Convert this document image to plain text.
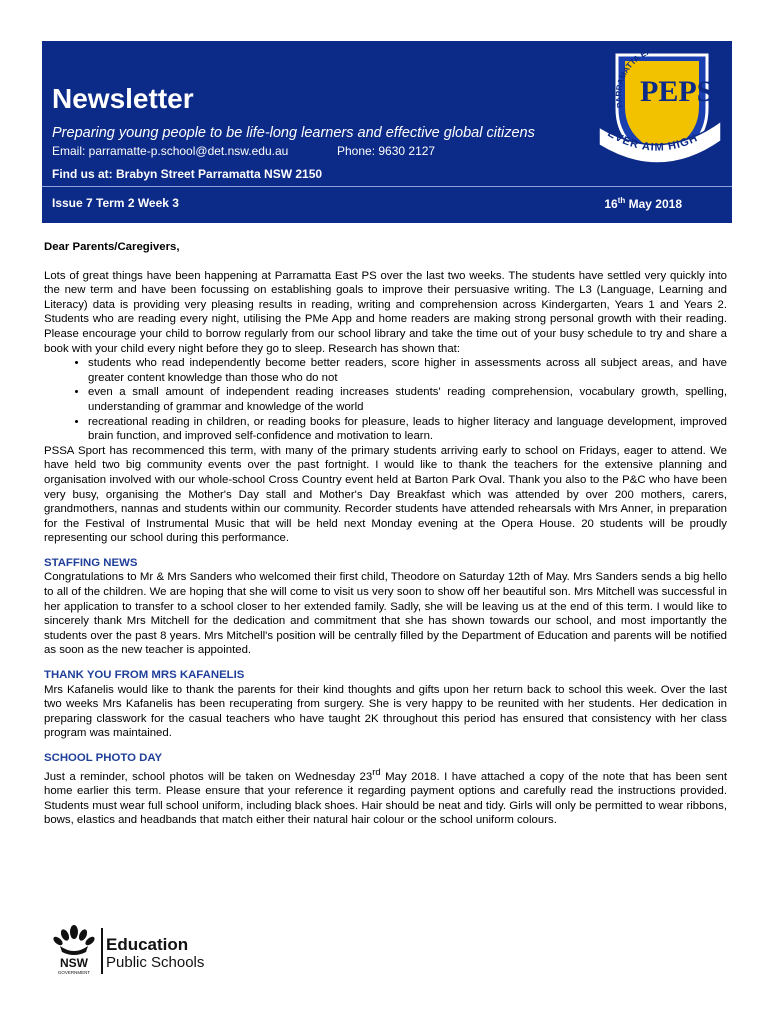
Newsletter
Preparing young people to be life-long learners and effective global citizens
Email: parramatte-p.school@det.nsw.edu.au	Phone: 9630 2127
Find us at: Brabyn Street Parramatta NSW 2150
Issue 7 Term 2 Week 3	16th May 2018
PEPS
PARRAMATTA EAST
EVER AIM HIGH

Dear Parents/Caregivers,

Lots of great things have been happening at Parramatta East PS over the last two weeks. The students have settled very quickly into the new term and have been focussing on establishing goals to improve their persuasive writing. The L3 (Language, Learning and Literacy) data is providing very pleasing results in reading, writing and comprehension across Kindergarten, Years 1 and Years 2. Students who are reading every night, utilising the PMe App and home readers are making strong personal growth with their reading. Please encourage your child to borrow regularly from our school library and take the time out of your busy schedule to try and share a book with your child every night before they go to sleep. Research has shown that:

• students who read independently become better readers, score higher in assessments across all subject areas, and have greater content knowledge than those who do not
• even a small amount of independent reading increases students' reading comprehension, vocabulary growth, spelling, understanding of grammar and knowledge of the world
• recreational reading in children, or reading books for pleasure, leads to higher literacy and language development, improved brain function, and improved self-confidence and motivation to learn.

PSSA Sport has recommenced this term, with many of the primary students arriving early to school on Fridays, eager to attend. We have held two big community events over the past fortnight. I would like to thank the teachers for the extensive planning and organisation involved with our whole-school Cross Country event held at Barton Park Oval. Thank you also to the P&C who have been very busy, organising the Mother's Day stall and Mother's Day Breakfast which was attended by over 200 mothers, carers, grandmothers, nannas and students within our community. Recorder students have attended rehearsals with Mrs Anner, in preparation for the Festival of Instrumental Music that will be held next Monday evening at the Opera House. 20 students will be proudly representing our school during this performance.

STAFFING NEWS

Congratulations to Mr & Mrs Sanders who welcomed their first child, Theodore on Saturday 12th of May. Mrs Sanders sends a big hello to all of the children. We are hoping that she will come to visit us very soon to show off her beautiful son. Mrs Mitchell was successful in her application to transfer to a school closer to her extended family. Sadly, she will be leaving us at the end of this term. I would like to sincerely thank Mrs Mitchell for the dedication and commitment that she has shown towards our school, and most importantly the students over the past 8 years. Mrs Mitchell's position will be centrally filled by the Department of Education and parents will be notified as soon as the new teacher is appointed.

THANK YOU FROM MRS KAFANELIS

Mrs Kafanelis would like to thank the parents for their kind thoughts and gifts upon her return back to school this week. Over the last two weeks Mrs Kafanelis has been recuperating from surgery. She is very happy to be reunited with her students. Her dedication in preparing classwork for the casual teachers who have taught 2K throughout this period has ensured that consistency with her class program was maintained.

SCHOOL PHOTO DAY

Just a reminder, school photos will be taken on Wednesday 23rd May 2018. I have attached a copy of the note that has been sent home earlier this term. Please ensure that your reference it regarding payment options and carefully read the instructions provided. Students must wear full school uniform, including black shoes. Hair should be neat and tidy. Girls will only be permitted to wear ribbons, bows, elastics and headbands that match either their natural hair colour or the school uniform colours.

NSW
GOVERNMENT
Education
Public Schools
